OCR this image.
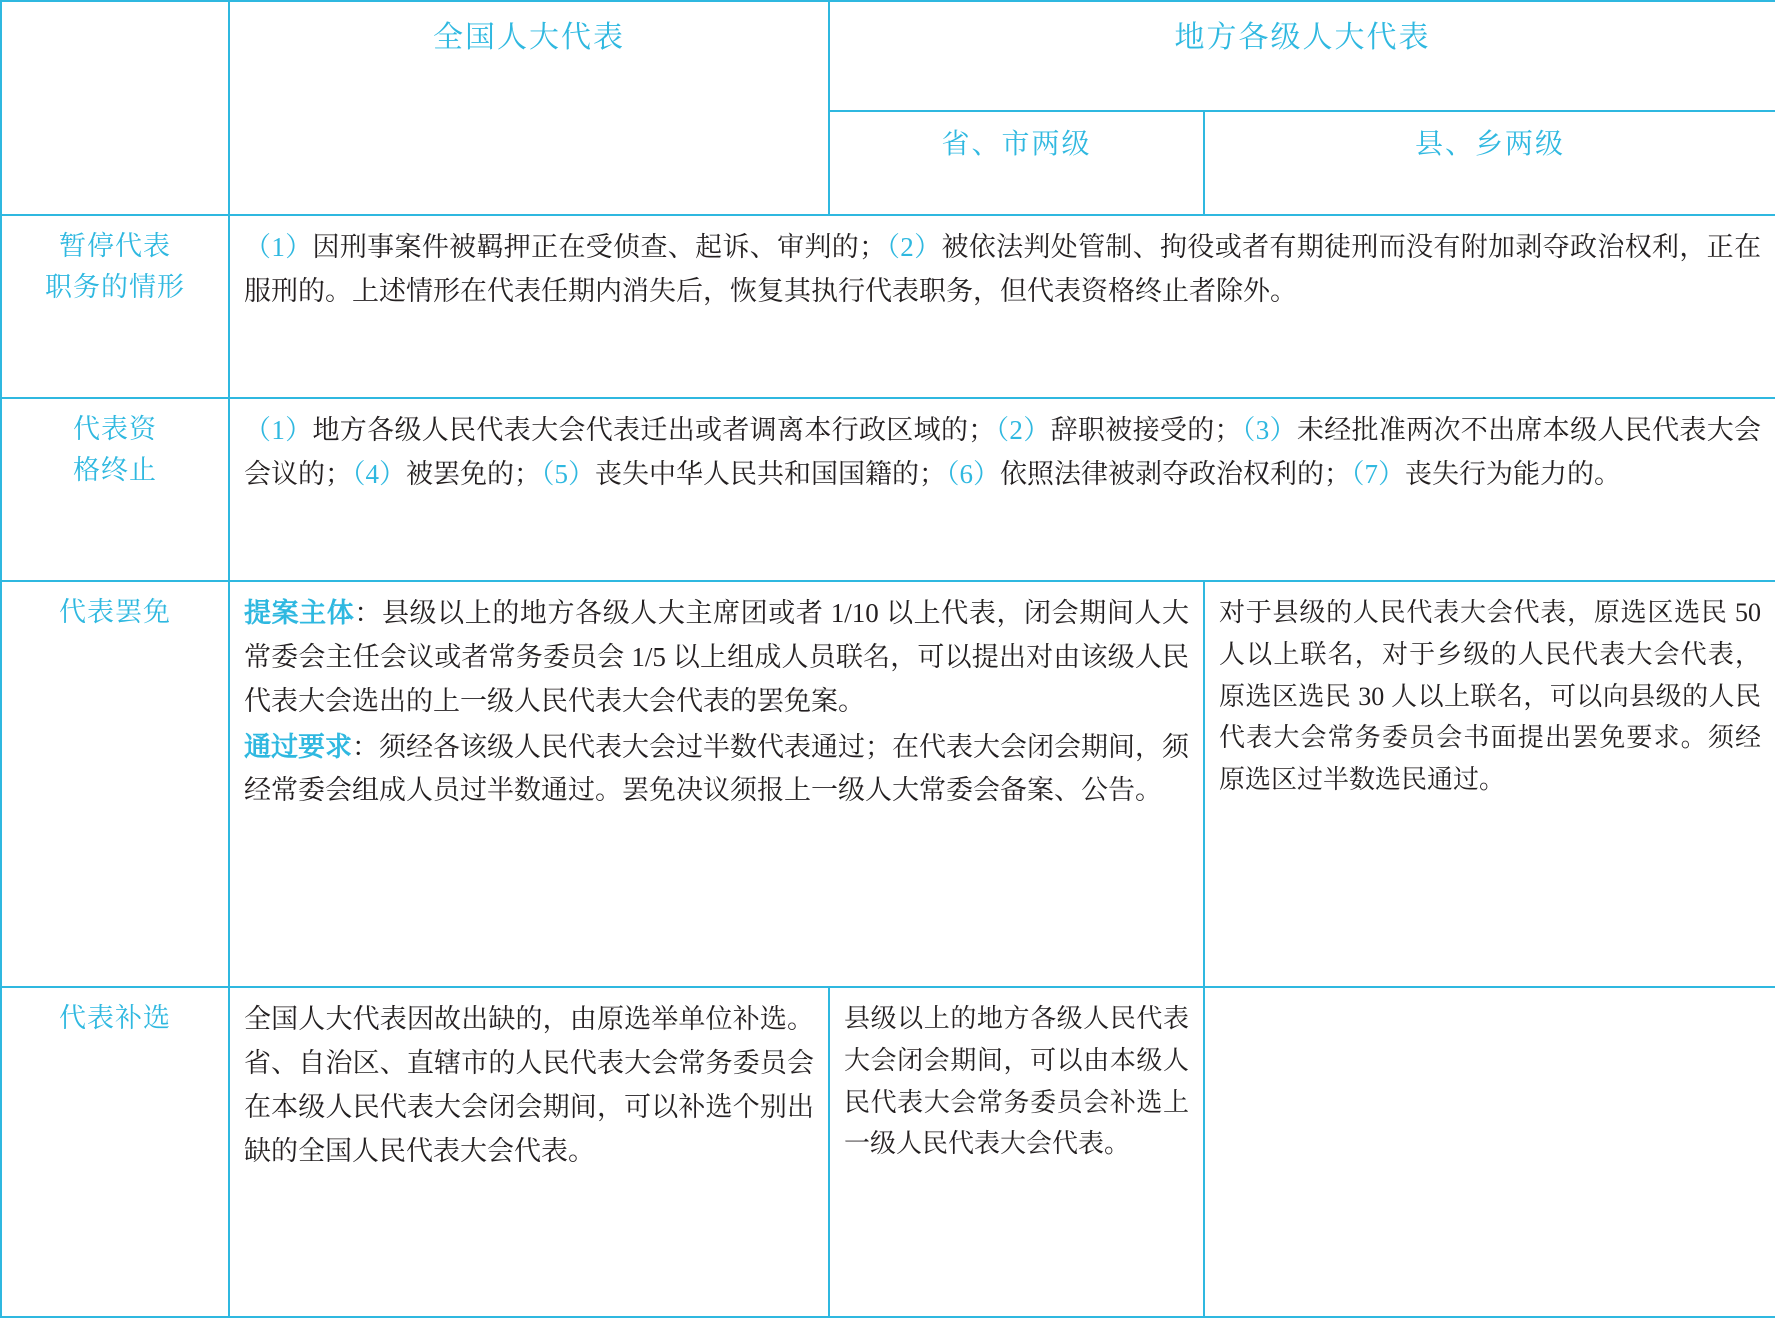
	全国人大代表	地方各级人大代表	
		省、市两级	县、乡两级
暂停代表
职务的情形	（1）因刑事案件被羁押正在受侦查、起诉、审判的；（2）被依法判处管制、拘役或者有期徒刑而没有附加剥夺政治权利，正在服刑的。上述情形在代表任期内消失后，恢复其执行代表职务，但代表资格终止者除外。		

代表资
格终止	（1）地方各级人民代表大会代表迁出或者调离本行政区域的；（2）辞职被接受的；（3）未经批准两次不出席本级人民代表大会会议的；（4）被罢免的；（5）丧失中华人民共和国国籍的；（6）依照法律被剥夺政治权利的；（7）丧失行为能力的。		

代表罢免	提案主体：县级以上的地方各级人大主席团或者 1/10 以上代表，闭会期间人大常委会主任会议或者常务委员会 1/5 以上组成人员联名，可以提出对由该级人民代表大会选出的上一级人民代表大会代表的罢免案。

通过要求：须经各该级人民代表大会过半数代表通过；在代表大会闭会期间，须经常委会组成人员过半数通过。罢免决议须报上一级人大常委会备案、公告。		对于县级的人民代表大会代表，原选区选民 50 人以上联名，对于乡级的人民代表大会代表，原选区选民 30 人以上联名，可以向县级的人民代表大会常务委员会书面提出罢免要求。须经原选区过半数选民通过。
代表补选	全国人大代表因故出缺的，由原选举单位补选。省、自治区、直辖市的人民代表大会常务委员会在本级人民代表大会闭会期间，可以补选个别出缺的全国人民代表大会代表。	县级以上的地方各级人民代表大会闭会期间，可以由本级人民代表大会常务委员会补选上一级人民代表大会代表。	
